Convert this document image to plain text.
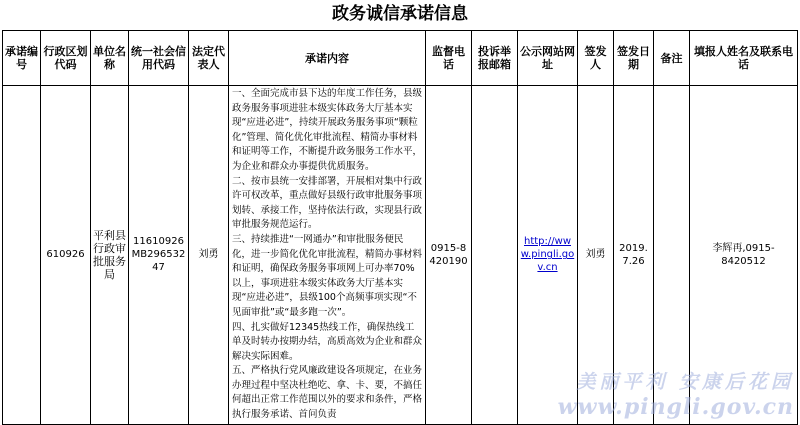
政务诚信承诺信息
承诺编号	行政区划代码	单位名称	统一社会信用代码	法定代表人	承诺内容	监督电话	投诉举报邮箱	公示网站网址	签发人	签发日期	备注	填报人姓名及联系电话
	610926	平利县行政审批服务局	11610926MB29653247	刘勇	一、全面完成市县下达的年度工作任务，县级政务服务事项进驻本级实体政务大厅基本实现“应进必进”，持续开展政务服务事项“颗粒化”管理、简化优化审批流程、精简办事材料和证明等工作，不断提升政务服务工作水平，为企业和群众办事提供优质服务。
二、按市县统一安排部署，开展相对集中行政许可权改革，重点做好县级行政审批服务事项划转、承接工作，坚持依法行政，实现县行政审批服务规范运行。
三、持续推进“一网通办”和审批服务便民化，进一步简化优化审批流程，精简办事材料和证明，确保政务服务事项网上可办率70%以上，事项进驻本级实体政务大厅基本实现“应进必进”，县级100个高频事项实现“不见面审批”或“最多跑一次”。
四、扎实做好12345热线工作，确保热线工单及时转办按期办结，高质高效为企业和群众解决实际困难。
五、严格执行党风廉政建设各项规定，在业务办理过程中坚决杜绝吃、拿、卡、要，不搞任何超出正常工作范围以外的要求和条件，严格执行服务承诺、首问负责	0915-8420190		http://www.pingli.gov.cn	刘勇	2019.7.26		李辉再,0915-8420512
美丽平利 安康后花园
www.pingli.gov.cn
